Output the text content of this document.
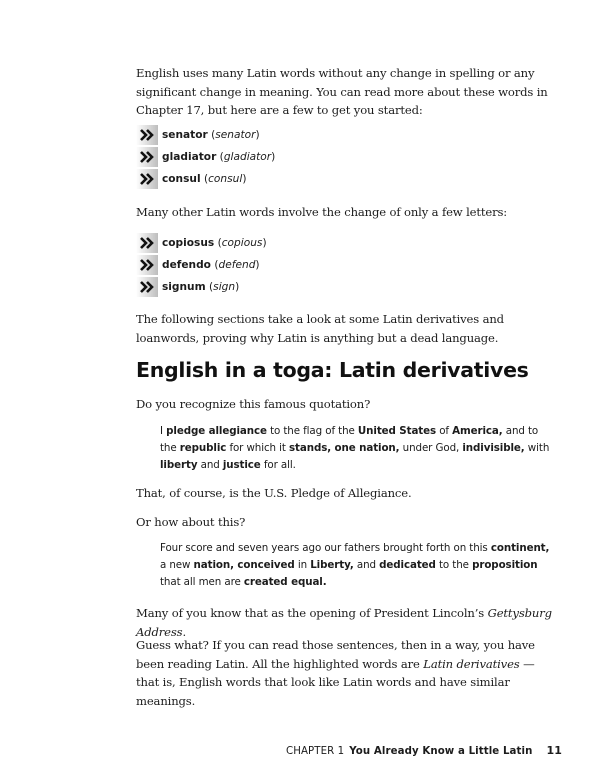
English uses many Latin words without any change in spelling or any significant change in meaning. You can read more about these words in Chapter 17, but here are a few to get you started:

senator ( senator )
gladiator ( gladiator )
consul ( consul )

Many other Latin words involve the change of only a few letters:

copiosus ( copious )
defendo ( defend )
signum ( sign )

The following sections take a look at some Latin derivatives and loanwords, proving why Latin is anything but a dead language.

English in a toga: Latin derivatives

Do you recognize this famous quotation?

I pledge allegiance to the flag of the United States of America, and to the republic for which it stands, one nation, under God, indivisible, with liberty and justice for all.

That, of course, is the U.S. Pledge of Allegiance.

Or how about this?

Four score and seven years ago our fathers brought forth on this continent, a new nation, conceived in Liberty, and dedicated to the proposition that all men are created equal.

Many of you know that as the opening of President Lincoln’s Gettysburg Address.

Guess what? If you can read those sentences, then in a way, you have been reading Latin. All the highlighted words are Latin derivatives — that is, English words that look like Latin words and have similar meanings.

CHAPTER 1 You Already Know a Little Latin 11
